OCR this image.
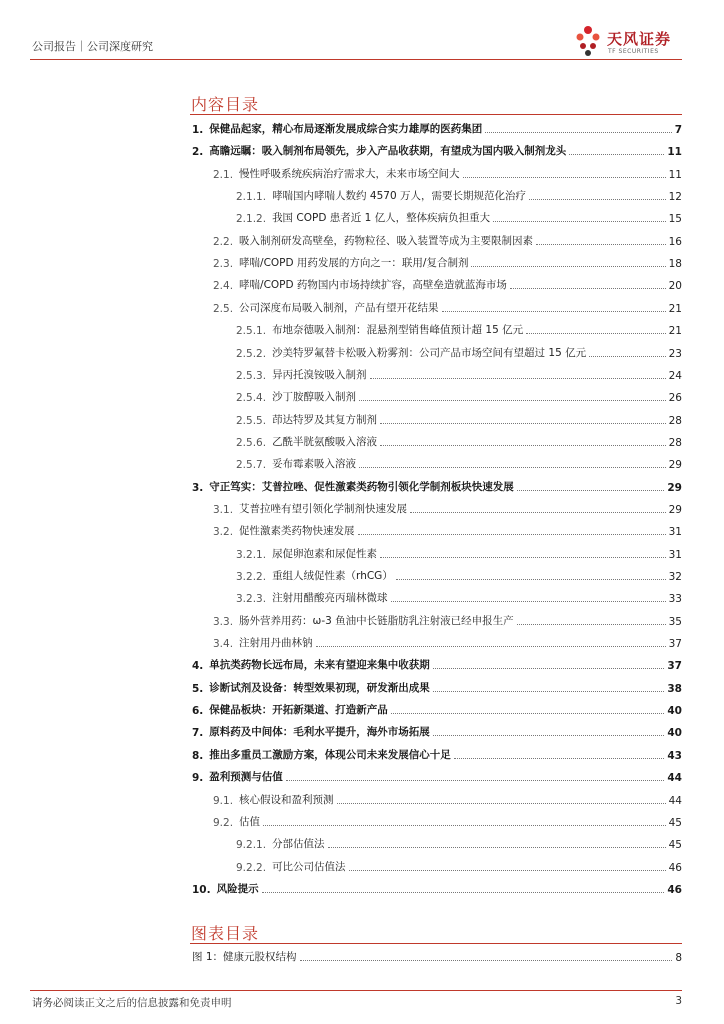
公司报告｜公司深度研究	天风证券
TF SECURITIES
内容目录
1. 保健品起家，精心布局逐渐发展成综合实力雄厚的医药集团	7
2. 高瞻远瞩：吸入制剂布局领先，步入产品收获期，有望成为国内吸入制剂龙头	11
2.1. 慢性呼吸系统疾病治疗需求大，未来市场空间大	11
2.1.1. 哮喘国内哮喘人数约 4570 万人，需要长期规范化治疗	12
2.1.2. 我国 COPD 患者近 1 亿人，整体疾病负担重大	15
2.2. 吸入制剂研发高壁垒，药物粒径、吸入装置等成为主要限制因素	16
2.3. 哮喘/COPD 用药发展的方向之一：联用/复合制剂	18
2.4. 哮喘/COPD 药物国内市场持续扩容，高壁垒造就蓝海市场	20
2.5. 公司深度布局吸入制剂，产品有望开花结果	21
2.5.1. 布地奈德吸入制剂：混悬剂型销售峰值预计超 15 亿元	21
2.5.2. 沙美特罗氟替卡松吸入粉雾剂：公司产品市场空间有望超过 15 亿元	23
2.5.3. 异丙托溴铵吸入制剂	24
2.5.4. 沙丁胺醇吸入制剂	26
2.5.5. 茚达特罗及其复方制剂	28
2.5.6. 乙酰半胱氨酸吸入溶液	28
2.5.7. 妥布霉素吸入溶液	29
3. 守正笃实：艾普拉唑、促性激素类药物引领化学制剂板块快速发展	29
3.1. 艾普拉唑有望引领化学制剂快速发展	29
3.2. 促性激素类药物快速发展	31
3.2.1. 尿促卵泡素和尿促性素	31
3.2.2. 重组人绒促性素（rhCG）	32
3.2.3. 注射用醋酸亮丙瑞林微球	33
3.3. 肠外营养用药：ω-3 鱼油中长链脂肪乳注射液已经申报生产	35
3.4. 注射用丹曲林钠	37
4. 单抗类药物长远布局，未来有望迎来集中收获期	37
5. 诊断试剂及设备：转型效果初现，研发渐出成果	38
6. 保健品板块：开拓新渠道、打造新产品	40
7. 原料药及中间体：毛利水平提升，海外市场拓展	40
8. 推出多重员工激励方案，体现公司未来发展信心十足	43
9. 盈利预测与估值	44
9.1. 核心假设和盈利预测	44
9.2. 估值	45
9.2.1. 分部估值法	45
9.2.2. 可比公司估值法	46
10. 风险提示	46
图表目录
图 1：健康元股权结构	8
请务必阅读正文之后的信息披露和免责申明	3
